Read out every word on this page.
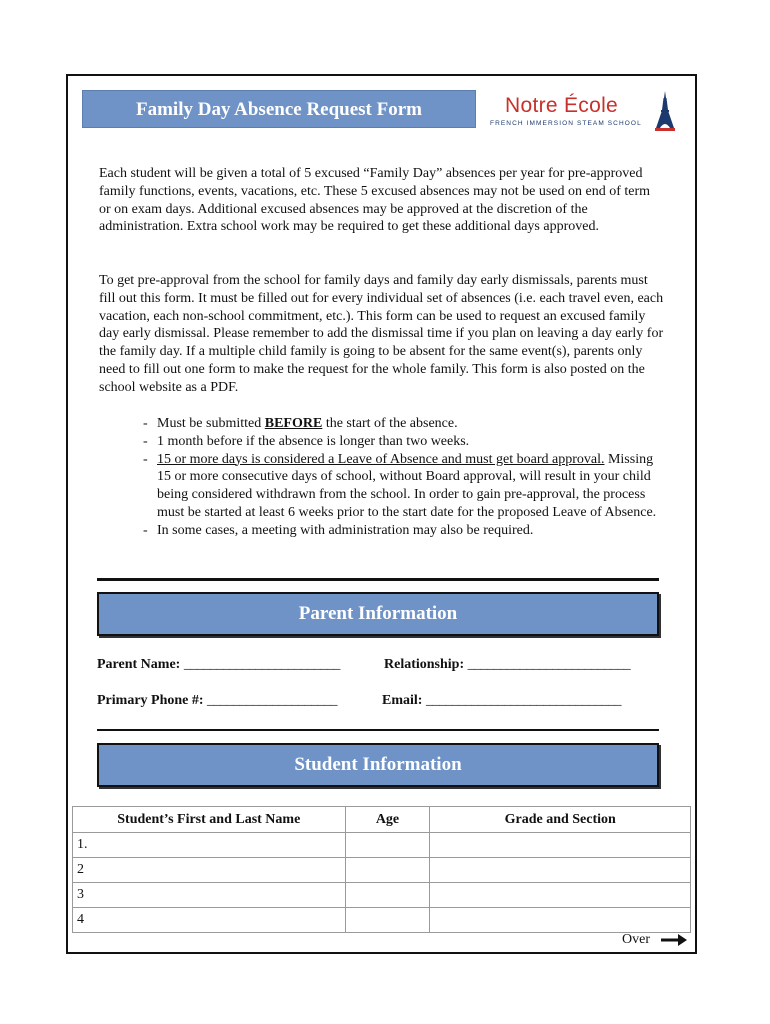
Family Day Absence Request Form	Notre École
FRENCH IMMERSION STEAM SCHOOL

Each student will be given a total of 5 excused “Family Day” absences per year for pre-approved family functions, events, vacations, etc. These 5 excused absences may not be used on end of term or on exam days. Additional excused absences may be approved at the discretion of the administration. Extra school work may be required to get these additional days approved.

To get pre-approval from the school for family days and family day early dismissals, parents must fill out this form. It must be filled out for every individual set of absences (i.e. each travel even, each vacation, each non-school commitment, etc.). This form can be used to request an excused family day early dismissal. Please remember to add the dismissal time if you plan on leaving a day early for the family day. If a multiple child family is going to be absent for the same event(s), parents only need to fill out one form to make the request for the whole family. This form is also posted on the school website as a PDF.

- Must be submitted BEFORE the start of the absence.
- 1 month before if the absence is longer than two weeks.
- 15 or more days is considered a Leave of Absence and must get board approval. Missing 15 or more consecutive days of school, without Board approval, will result in your child being considered withdrawn from the school. In order to gain pre-approval, the process must be started at least 6 weeks prior to the start date for the proposed Leave of Absence.
- In some cases, a meeting with administration may also be required.
Parent Information
Parent Name: ________________________	Relationship: _________________________
Primary Phone #: ____________________	Email: ______________________________
Student Information
Student’s First and Last Name	Age	Grade and Section
1.		
2		
3		
4		
Over
